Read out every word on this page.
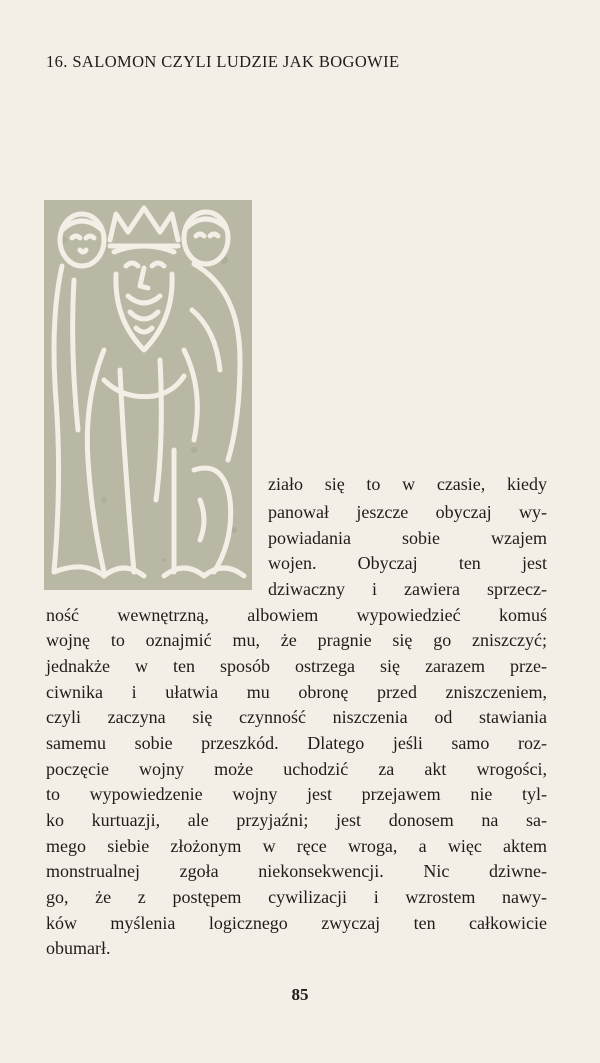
16. SALOMON CZYLI LUDZIE JAK BOGOWIE
ziało się to w czasie, kiedy
panował jeszcze obyczaj wy-
powiadania sobie wzajem
wojen. Obyczaj ten jest
dziwaczny i zawiera sprzecz-
ność wewnętrzną, albowiem wypowiedzieć komuś
wojnę to oznajmić mu, że pragnie się go zniszczyć;
jednakże w ten sposób ostrzega się zarazem prze-
ciwnika i ułatwia mu obronę przed zniszczeniem,
czyli zaczyna się czynność niszczenia od stawiania
samemu sobie przeszkód. Dlatego jeśli samo roz-
poczęcie wojny może uchodzić za akt wrogości,
to wypowiedzenie wojny jest przejawem nie tyl-
ko kurtuazji, ale przyjaźni; jest donosem na sa-
mego siebie złożonym w ręce wroga, a więc aktem
monstrualnej zgoła niekonsekwencji. Nic dziwne-
go, że z postępem cywilizacji i wzrostem nawy-
ków myślenia logicznego zwyczaj ten całkowicie
obumarł.
85
